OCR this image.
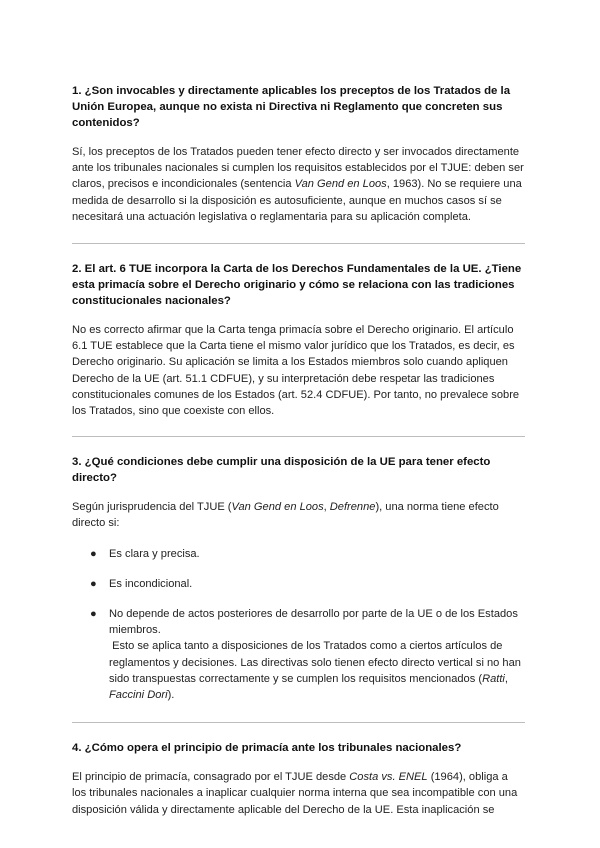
1. ¿Son invocables y directamente aplicables los preceptos de los Tratados de la Unión Europea, aunque no exista ni Directiva ni Reglamento que concreten sus contenidos?

Sí, los preceptos de los Tratados pueden tener efecto directo y ser invocados directamente ante los tribunales nacionales si cumplen los requisitos establecidos por el TJUE: deben ser claros, precisos e incondicionales (sentencia Van Gend en Loos, 1963). No se requiere una medida de desarrollo si la disposición es autosuficiente, aunque en muchos casos sí se necesitará una actuación legislativa o reglamentaria para su aplicación completa.

2. El art. 6 TUE incorpora la Carta de los Derechos Fundamentales de la UE. ¿Tiene esta primacía sobre el Derecho originario y cómo se relaciona con las tradiciones constitucionales nacionales?

No es correcto afirmar que la Carta tenga primacía sobre el Derecho originario. El artículo 6.1 TUE establece que la Carta tiene el mismo valor jurídico que los Tratados, es decir, es Derecho originario. Su aplicación se limita a los Estados miembros solo cuando apliquen Derecho de la UE (art. 51.1 CDFUE), y su interpretación debe respetar las tradiciones constitucionales comunes de los Estados (art. 52.4 CDFUE). Por tanto, no prevalece sobre los Tratados, sino que coexiste con ellos.

3. ¿Qué condiciones debe cumplir una disposición de la UE para tener efecto directo?

Según jurisprudencia del TJUE (Van Gend en Loos, Defrenne), una norma tiene efecto directo si:

● Es clara y precisa.
● Es incondicional.
● No depende de actos posteriores de desarrollo por parte de la UE o de los Estados miembros.
Esto se aplica tanto a disposiciones de los Tratados como a ciertos artículos de reglamentos y decisiones. Las directivas solo tienen efecto directo vertical si no han sido transpuestas correctamente y se cumplen los requisitos mencionados (Ratti, Faccini Dori).

4. ¿Cómo opera el principio de primacía ante los tribunales nacionales?

El principio de primacía, consagrado por el TJUE desde Costa vs. ENEL (1964), obliga a los tribunales nacionales a inaplicar cualquier norma interna que sea incompatible con una disposición válida y directamente aplicable del Derecho de la UE. Esta inaplicación se
